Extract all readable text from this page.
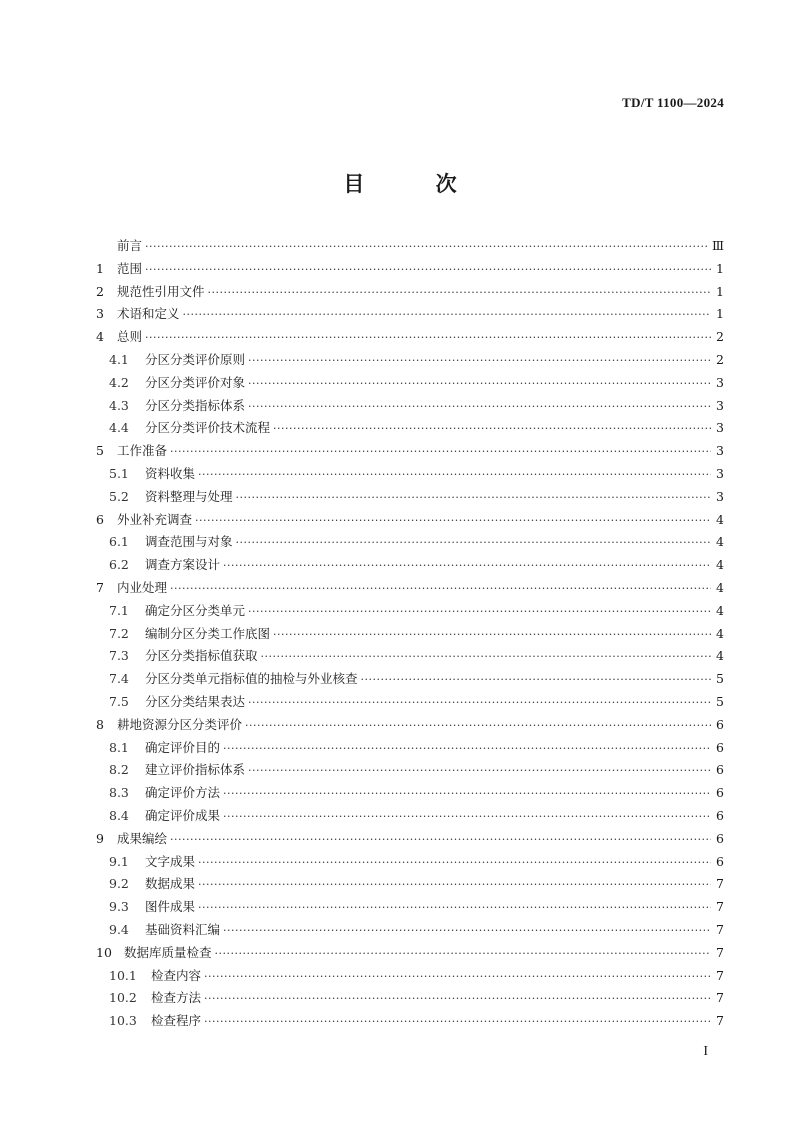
TD/T 1100—2024
目 次
前言 ·····	Ⅲ
1	范围 ·····	1
2	规范性引用文件 ·····	1
3	术语和定义 ·····	1
4	总则 ·····	2
4.1	分区分类评价原则 ·····	2
4.2	分区分类评价对象 ·····	3
4.3	分区分类指标体系 ·····	3
4.4	分区分类评价技术流程 ·····	3
5	工作准备 ·····	3
5.1	资料收集 ·····	3
5.2	资料整理与处理 ·····	3
6	外业补充调查 ·····	4
6.1	调查范围与对象 ·····	4
6.2	调查方案设计 ·····	4
7	内业处理 ·····	4
7.1	确定分区分类单元 ·····	4
7.2	编制分区分类工作底图 ·····	4
7.3	分区分类指标值获取 ·····	4
7.4	分区分类单元指标值的抽检与外业核查 ·····	5
7.5	分区分类结果表达 ·····	5
8	耕地资源分区分类评价 ·····	6
8.1	确定评价目的 ·····	6
8.2	建立评价指标体系 ·····	6
8.3	确定评价方法 ·····	6
8.4	确定评价成果 ·····	6
9	成果编绘 ·····	6
9.1	文字成果 ·····	6
9.2	数据成果 ·····	7
9.3	图件成果 ·····	7
9.4	基础资料汇编 ·····	7
10 数据库质量检查 ·····	7
10.1	检查内容 ·····	7
10.2	检查方法 ·····	7
10.3	检查程序 ·····	7
I
